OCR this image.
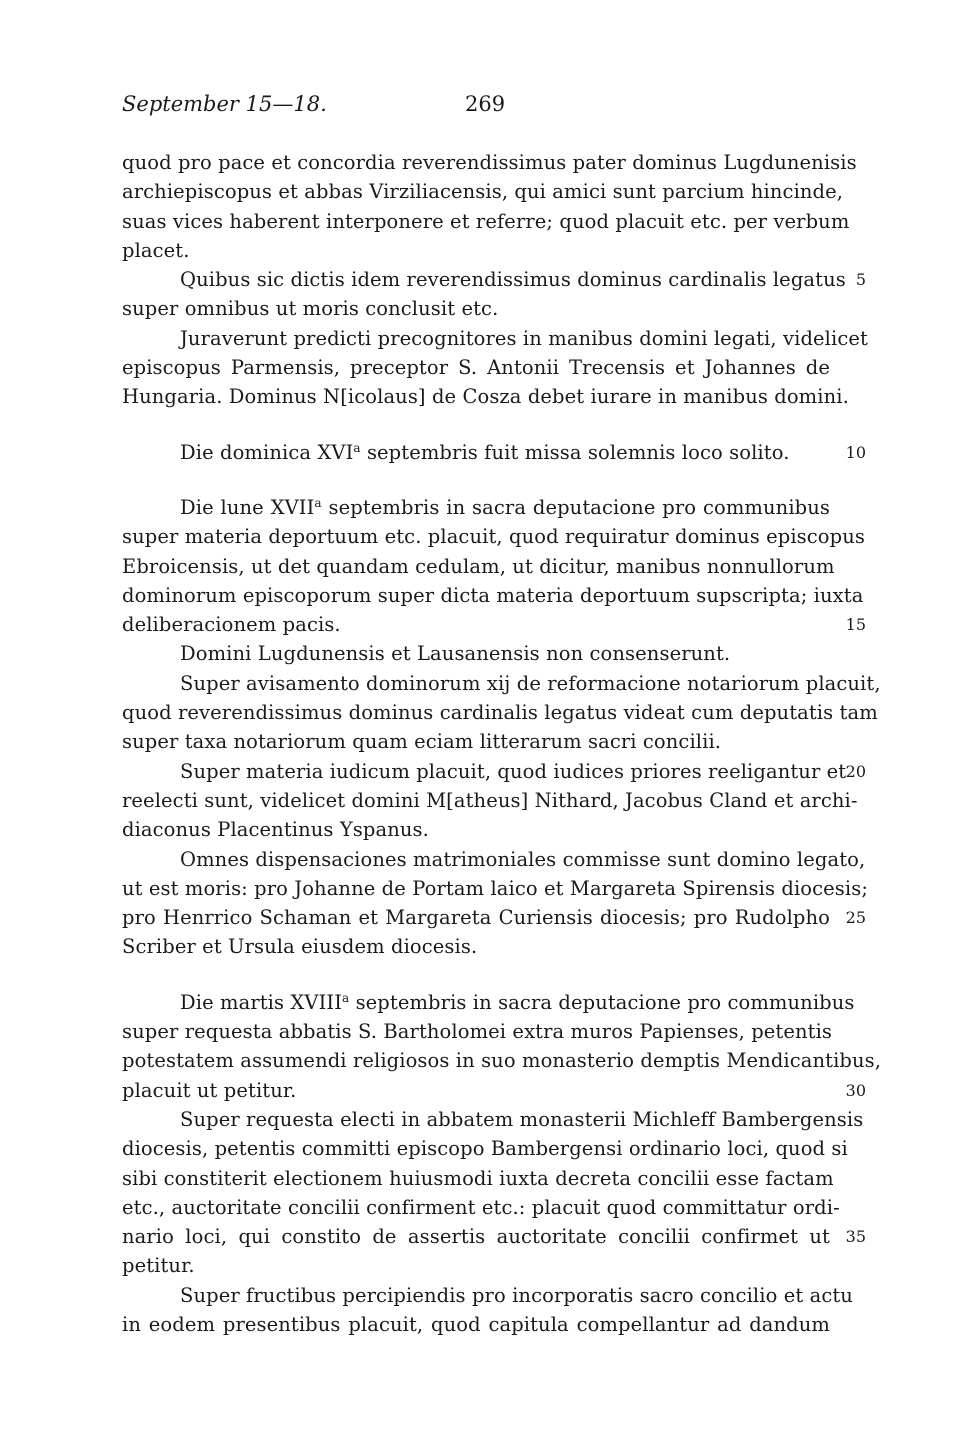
September 15—18.	269
quod pro pace et concordia reverendissimus pater dominus Lugdunenisis
archiepiscopus et abbas Virziliacensis, qui amici sunt parcium hincinde,
suas vices haberent interponere et referre; quod placuit etc. per verbum
placet.
Quibus sic dictis idem reverendissimus dominus cardinalis legatus 5
super omnibus ut moris conclusit etc.
Juraverunt predicti precognitores in manibus domini legati, videlicet
episcopus Parmensis, preceptor S. Antonii Trecensis et Johannes de
Hungaria. Dominus N[icolaus] de Cosza debet iurare in manibus domini.
Die dominica XVI$^a$ septembris fuit missa solemnis loco solito.	10
Die lune XVII$^a$ septembris in sacra deputacione pro communibus
super materia deportuum etc. placuit, quod requiratur dominus episcopus
Ebroicensis, ut det quandam cedulam, ut dicitur, manibus nonnullorum
dominorum episcoporum super dicta materia deportuum supscripta; iuxta
deliberacionem pacis.	15
Domini Lugdunensis et Lausanensis non consenserunt.
Super avisamento dominorum xij de reformacione notariorum placuit,
quod reverendissimus dominus cardinalis legatus videat cum deputatis tam
super taxa notariorum quam eciam litterarum sacri concilii.
Super materia iudicum placuit, quod iudices priores reeligantur et 20
reelecti sunt, videlicet domini M[atheus] Nithard, Jacobus Cland et archi-
diaconus Placentinus Yspanus.
Omnes dispensaciones matrimoniales commisse sunt domino legato,
ut est moris: pro Johanne de Portam laico et Margareta Spirensis diocesis;
pro Henrrico Schaman et Margareta Curiensis diocesis; pro Rudolpho 25
Scriber et Ursula eiusdem diocesis.
Die martis XVIII$^a$ septembris in sacra deputacione pro communibus
super requesta abbatis S. Bartholomei extra muros Papienses, petentis
potestatem assumendi religiosos in suo monasterio demptis Mendicantibus,
placuit ut petitur.	30
Super requesta electi in abbatem monasterii Michleff Bambergensis
diocesis, petentis committi episcopo Bambergensi ordinario loci, quod si
sibi constiterit electionem huiusmodi iuxta decreta concilii esse factam
etc., auctoritate concilii confirment etc.: placuit quod committatur ordi-
nario loci, qui constito de assertis auctoritate concilii confirmet ut 35
petitur.
Super fructibus percipiendis pro incorporatis sacro concilio et actu
in eodem presentibus placuit, quod capitula compellantur ad dandum
